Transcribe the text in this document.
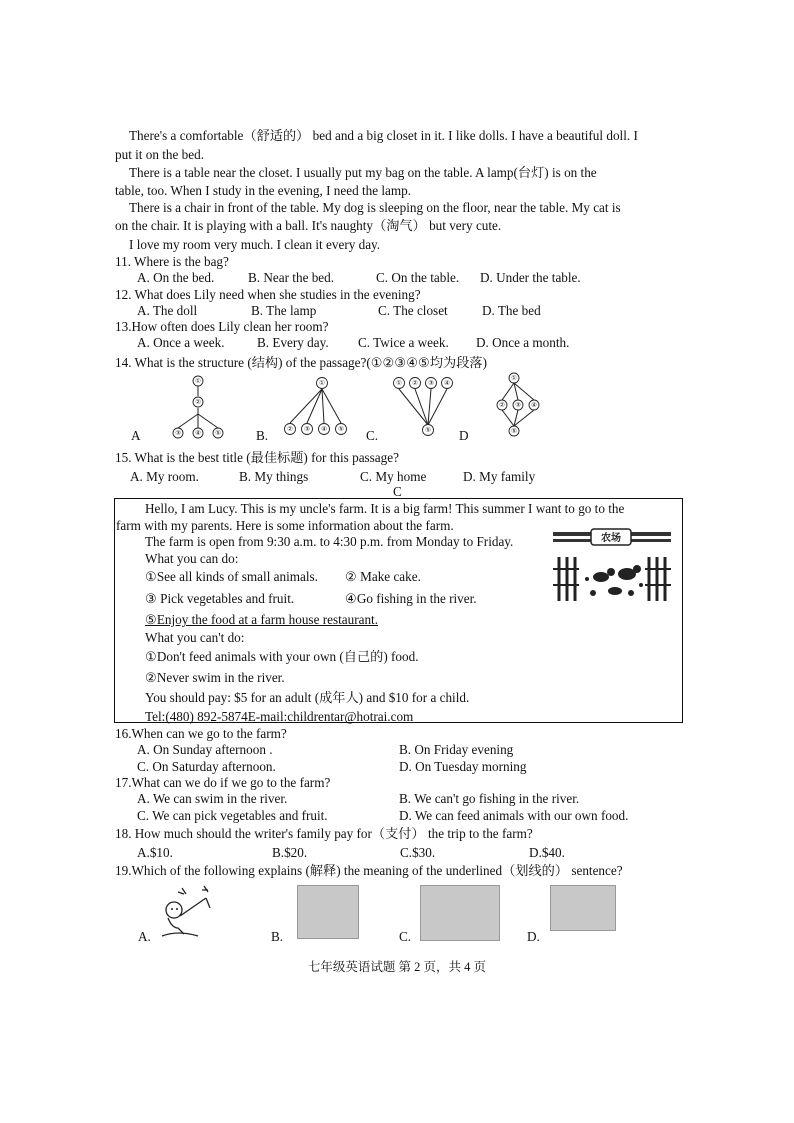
There's a comfortable（舒适的） bed and a big closet in it. I like dolls. I have a beautiful doll. I
put it on the bed.
There is a table near the closet. I usually put my bag on the table. A lamp(台灯) is on the
table, too. When I study in the evening, I need the lamp.
There is a chair in front of the table. My dog is sleeping on the floor, near the table. My cat is
on the chair. It is playing with a ball. It's naughty（淘气） but very cute.
I love my room very much. I clean it every day.
11. Where is the bag?
A. On the bed.	B. Near the bed.	C. On the table. D. Under the table.
12. What does Lily need when she studies in the evening?
A. The doll	B. The lamp	C. The closet	D. The bed
13.How often does Lily clean her room?
A. Once a week. B. Every day. C. Twice a week. D. Once a month.
14. What is the structure (结构) of the passage?(①②③④⑤均为段落)
①
②
③ ④ ⑤
①
② ③ ④ ⑤
① ② ③ ④
⑤
①
② ③ ④
⑤
A	B.	C.	D
15. What is the best title (最佳标题) for this passage?
A. My room.	B. My things	C. My home	D. My family
C
Hello, I am Lucy. This is my uncle's farm. It is a big farm! This summer I want to go to the
farm with my parents. Here is some information about the farm.
The farm is open from 9:30 a.m. to 4:30 p.m. from Monday to Friday.
What you can do:
①See all kinds of small animals. ② Make cake.
③ Pick vegetables and fruit.	④Go fishing in the river.
⑤Enjoy the food at a farm house restaurant.
What you can't do:
①Don't feed animals with your own (自己的) food.
②Never swim in the river.
You should pay: $5 for an adult (成年人) and $10 for a child.
Tel:(480) 892-5874E-mail:childrentar@hotrai.com
农场
16.When can we go to the farm?
A. On Sunday afternoon .	B. On Friday evening
C. On Saturday afternoon.	D. On Tuesday morning
17.What can we do if we go to the farm?
A. We can swim in the river.	B. We can't go fishing in the river.
C. We can pick vegetables and fruit.	D. We can feed animals with our own food.
18. How much should the writer's family pay for（支付） the trip to the farm?
A.$10.	B.$20.	C.$30.	D.$40.
19.Which of the following explains (解释) the meaning of the underlined（划线的） sentence?
A.	B.	C.	D.
七年级英语试题 第 2 页，共 4 页
